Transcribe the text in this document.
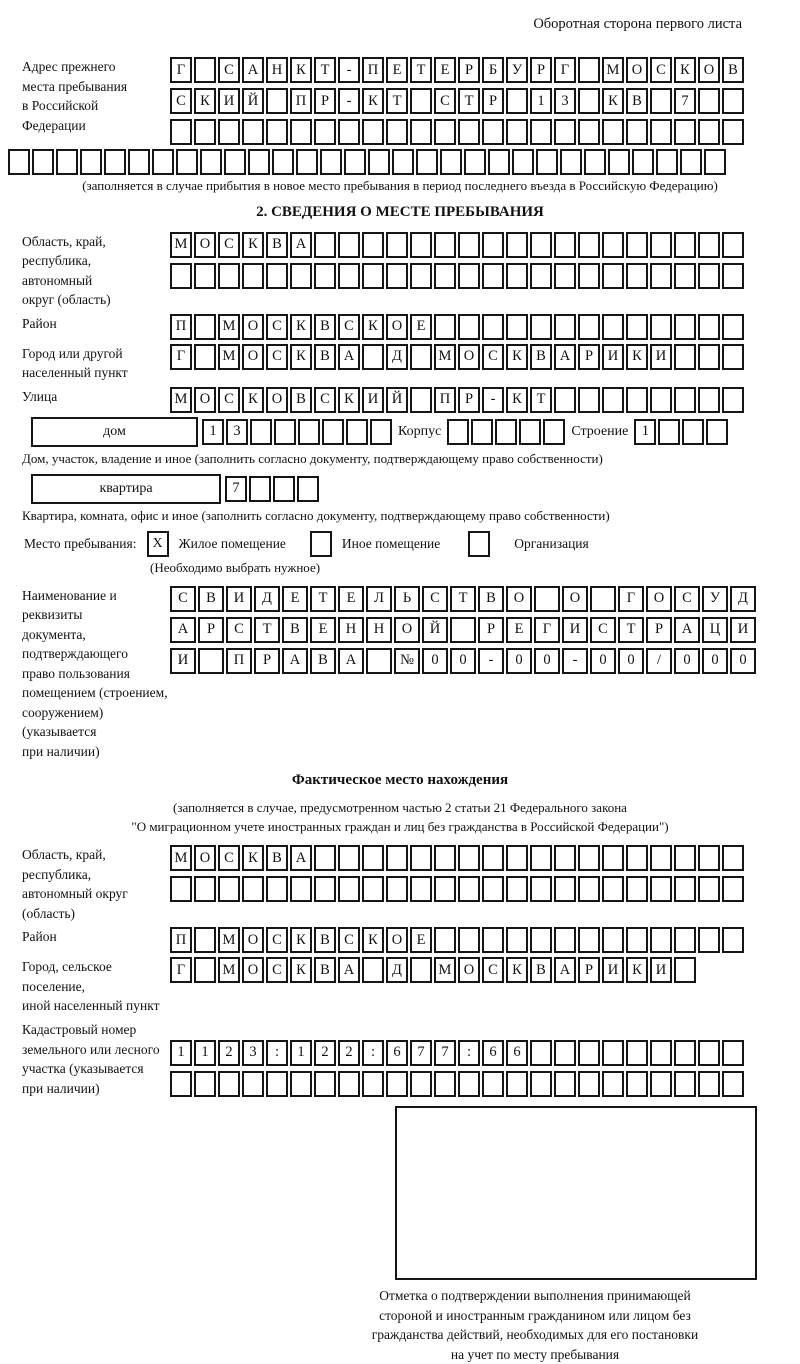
Оборотная сторона первого листа
Адрес прежнего
места пребывания
в Российской
Федерации
Г	С А Н К	Т	-	П Е	Т	Е	Р	Б	У	Р	Г	М О С К О В
С К И Й	П	Р	-	К	Т	С	Т	Р	1	3	К В	7
(заполняется в случае прибытия в новое место пребывания в период последнего въезда в Российскую Федерацию)
2. СВЕДЕНИЯ О МЕСТЕ ПРЕБЫВАНИЯ
Область, край,
республика,
автономный
округ (область)
М О С К В А
Район	П	М О С К В С К О Е
Город или другой
населенный пункт
Г	М О С К В А	Д	М О С К В А	Р	И К И
Улица	М О С К О В С К И Й	П	Р	-	К	Т
дом	1	3	Корпус	Строение 1
Дом, участок, владение и иное (заполнить согласно документу, подтверждающему право собственности)
квартира	7
Квартира, комната, офис и иное (заполнить согласно документу, подтверждающему право собственности)
Место пребывания:	X	Жилое помещение	Иное помещение	Организация
(Необходимо выбрать нужное)
Наименование и реквизиты
документа, подтверждающего
право пользования
помещением (строением,
сооружением) (указывается
при наличии)
С	В	И	Д	Е	Т	Е	Л	Ь	С	Т	В	О	О	Г	О	С	У	Д
А	Р	С	Т	В	Е	Н	Н	О	Й	Р	Е	Г	И	С	Т	Р	А	Ц	И
И	П	Р	А	В	А	№	0	0	-	0	0	-	0	0	/	0	0	0
Фактическое место нахождения
(заполняется в случае, предусмотренном частью 2 статьи 21 Федерального закона
"О миграционном учете иностранных граждан и лиц без гражданства в Российской Федерации")
Область, край,
республика,
автономный округ
(область)
М О С К В А
Район	П	М О С К В С К О Е
Город, сельское поселение,
иной населенный пункт
Г	М О С К В А	Д	М О С К В А	Р	И К И
Кадастровый номер
земельного или лесного
участка (указывается
при наличии)
1	1	2	3	:	1	2	2	:	6	7	7	:	6	6
Отметка о подтверждении выполнения принимающей
стороной и иностранным гражданином или лицом без
гражданства действий, необходимых для его постановки
на учет по месту пребывания
